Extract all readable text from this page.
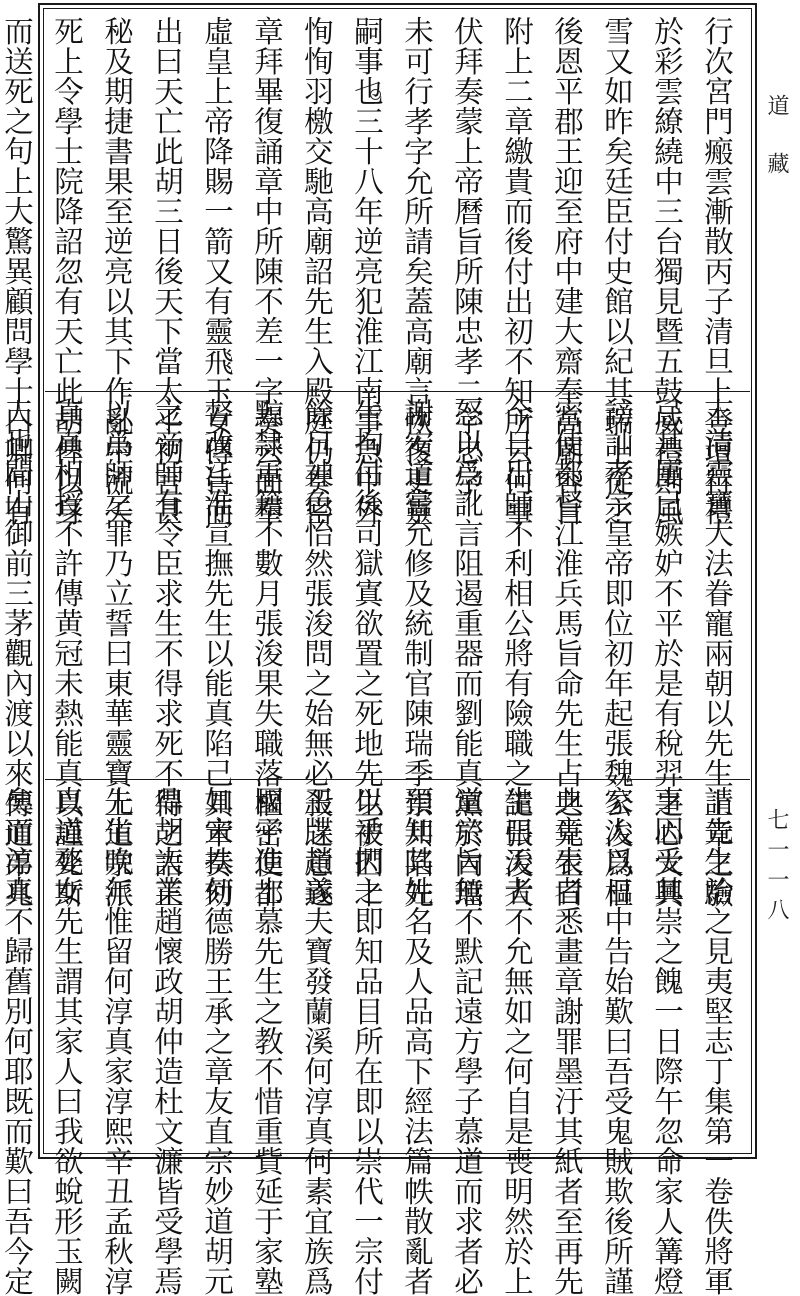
行次宮門瘢雲漸散丙子清旦上登壇行禮
於彩雲繚繞中三台獨見暨五鼓威禮則風
雪又如昨矣廷臣付史館以紀其瑞上從之
後恩平郡王迎至府中建大齋奉高廟容旨
附上二章繳貴而後付出初不知所云何事
伏拜奏蒙上帝曆旨所陳忠孝二字忠字
未可行孝字允所請矣蓋高廟言恢復更靈
嗣事也三十八年逆亮犯淮江南事急中外
恂恂羽檄交馳高廟詔先生入殿庭仍奏密
章拜畢復誦章中所陳不差一字奏云面奉
虛皇上帝降賜一箭又有靈飛玉女傳旨而
出曰天亡此胡三日後天下當太平初言甚
秘及期捷書果至逆亮以其下作亂中流矢
死上令學士院降詔忽有天亡此胡俾以身
而送死之句上大驚異顧問學士曰卿何有
上清靈寶大法眷寵兩朝以先生上章之驗
忌其屢已嫉妒不平於是有稅羿之心大興
謗訕孝宗皇帝即位初年起張魏公浚爲樞
密使都督江淮兵馬旨命先生占之先生曰
今日出師不利相公將有險職之譴張浚大
怒以爲訛言阻遏重器而劉能真黨於內璫
謝安道嘗允修及統制官陳瑞季崇共陷先
生拘付後司獄寘欲置之死地先生被囚十
餘日神色怡然張浚問之始無必殺之意遂
黥隸軍籍不數月張浚果失職落樞密使都
督改江淮宣撫先生以能真陷己具章奏劾
之帝師有令臣求生不得求死不得之語正
以爲師之罪乃立誓曰東華靈寶上道宗派
真真相授不許傳黄冠未熱能真以謹死斯
人也聞山御前三茅觀內渡以來傳道弟兆
請先生治之見夷堅志丁集第一卷佚將軍
事因受其崇之餽一日際午忽命家人篝燈
家人以日中告始歎曰吾受鬼賊欺後所謹
典章表者悉畫章謝罪墨汙其紙者至再先
生曰天者不允無如之何自是喪明然於上
道宗旨無不默記遠方學子慕道而求者必
預知其姓名及人品高下經法篇帙散亂者
以手捫之即知品目所在即以崇代一宗付
玉牒趙義夫寶發蘭溪何淳真何素宜族爲
國子進士慕先生之教不惜重貲延于家塾
如宋扶何德勝王承之章友直宗妙道胡元
鼎胡大業趙懷政胡仲造杜文濂皆受學焉
先生晚年惟留何淳真家淳熙辛丑孟秋淳
真道婺女先生謂其家人曰我欲蛻形玉闕
矣而淳真不歸舊別何耶既而歎曰吾今定
道藏
七一一八
